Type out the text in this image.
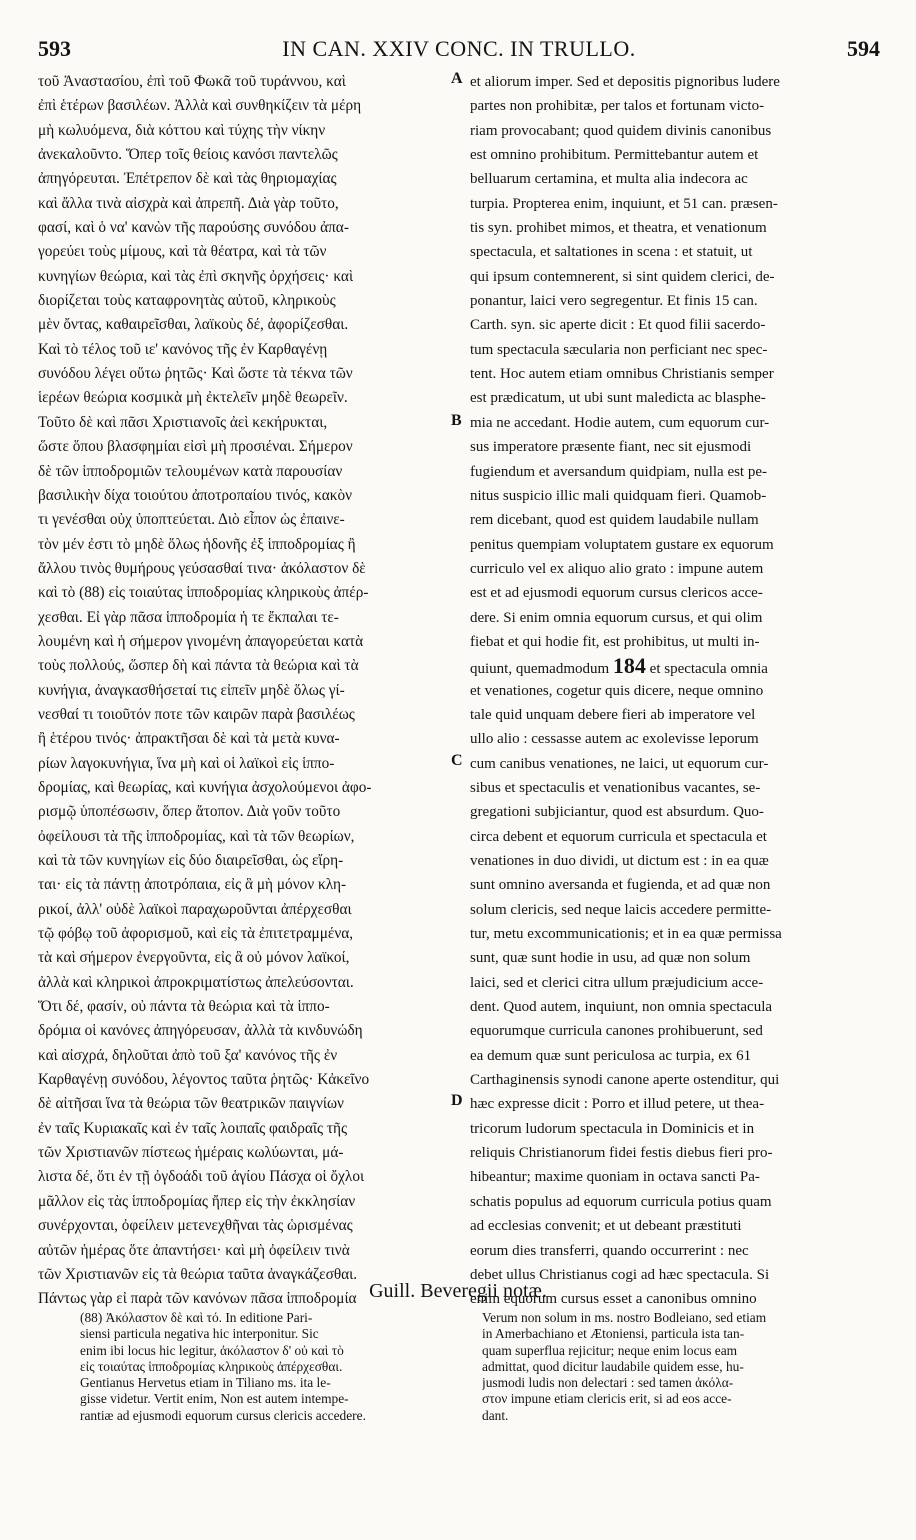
593	IN CAN. XXIV CONC. IN TRULLO.	594
τοῦ Ἀναστασίου, ἐπὶ τοῦ Φωκᾶ τοῦ τυράννου, καὶ
ἐπὶ ἑτέρων βασιλέων. Ἀλλὰ καὶ συνθηκίζειν τὰ μέρη
μὴ κωλυόμενα, διὰ κόττου καὶ τύχης τὴν νίκην
ἀνεκαλοῦντο. Ὅπερ τοῖς θείοις κανόσι παντελῶς
ἀπηγόρευται. Ἐπέτρεπον δὲ καὶ τὰς θηριομαχίας
καὶ ἄλλα τινὰ αἰσχρὰ καὶ ἀπρεπῆ. Διὰ γὰρ τοῦτο,
φασί, καὶ ὁ να' κανὼν τῆς παρούσης συνόδου ἀπα-
γορεύει τοὺς μίμους, καὶ τὰ θέατρα, καὶ τὰ τῶν
κυνηγίων θεώρια, καὶ τὰς ἐπὶ σκηνῆς ὀρχήσεις· καὶ
διορίζεται τοὺς καταφρονητὰς αὐτοῦ, κληρικοὺς
μὲν ὄντας, καθαιρεῖσθαι, λαϊκοὺς δέ, ἀφορίζεσθαι.
Καὶ τὸ τέλος τοῦ ιε' κανόνος τῆς ἐν Καρθαγένῃ
συνόδου λέγει οὕτω ῥητῶς· Καὶ ὥστε τὰ τέκνα τῶν
ἱερέων θεώρια κοσμικὰ μὴ ἐκτελεῖν μηδὲ θεωρεῖν.
Τοῦτο δὲ καὶ πᾶσι Χριστιανοῖς ἀεὶ κεκήρυκται,
ὥστε ὅπου βλασφημίαι εἰσὶ μὴ προσιέναι. Σήμερον
δὲ τῶν ἱπποδρομιῶν τελουμένων κατὰ παρουσίαν
βασιλικὴν δίχα τοιούτου ἀποτροπαίου τινός, κακὸν
τι γενέσθαι οὐχ ὑποπτεύεται. Διὸ εἶπον ὡς ἐπαινε-
τὸν μέν ἐστι τὸ μηδὲ ὅλως ἡδονῆς ἐξ ἱπποδρομίας ἢ
ἄλλου τινὸς θυμήρους γεύσασθαί τινα· ἀκόλαστον δὲ
καὶ τὸ (88) εἰς τοιαύτας ἱπποδρομίας κληρικοὺς ἀπέρ-
χεσθαι. Εἰ γὰρ πᾶσα ἱπποδρομία ἡ τε ἔκπαλαι τε-
λουμένη καὶ ἡ σήμερον γινομένη ἀπαγορεύεται κατὰ
τοὺς πολλούς, ὥσπερ δὴ καὶ πάντα τὰ θεώρια καὶ τὰ
κυνήγια, ἀναγκασθήσεταί τις εἰπεῖν μηδὲ ὅλως γί-
νεσθαί τι τοιοῦτόν ποτε τῶν καιρῶν παρὰ βασιλέως
ἢ ἑτέρου τινός· ἀπρακτῆσαι δὲ καὶ τὰ μετὰ κυνα-
ρίων λαγοκυνήγια, ἵνα μὴ καὶ οἱ λαϊκοὶ εἰς ἱππο-
δρομίας, καὶ θεωρίας, καὶ κυνήγια ἀσχολούμενοι ἀφο-
ρισμῷ ὑποπέσωσιν, ὅπερ ἄτοπον. Διὰ γοῦν τοῦτο
ὀφείλουσι τὰ τῆς ἱπποδρομίας, καὶ τὰ τῶν θεωρίων,
καὶ τὰ τῶν κυνηγίων εἰς δύο διαιρεῖσθαι, ὡς εἴρη-
ται· εἰς τὰ πάντῃ ἀποτρόπαια, εἰς ἃ μὴ μόνον κλη-
ρικοί, ἀλλ' οὐδὲ λαϊκοὶ παραχωροῦνται ἀπέρχεσθαι
τῷ φόβῳ τοῦ ἀφορισμοῦ, καὶ εἰς τὰ ἐπιτετραμμένα,
τὰ καὶ σήμερον ἐνεργοῦντα, εἰς ἃ οὐ μόνον λαϊκοί,
ἀλλὰ καὶ κληρικοὶ ἀπροκριματίστως ἀπελεύσονται.
Ὅτι δέ, φασίν, οὐ πάντα τὰ θεώρια καὶ τὰ ἱππο-
δρόμια οἱ κανόνες ἀπηγόρευσαν, ἀλλὰ τὰ κινδυνώδη
καὶ αἰσχρά, δηλοῦται ἀπὸ τοῦ ξα' κανόνος τῆς ἐν
Καρθαγένῃ συνόδου, λέγοντος ταῦτα ῥητῶς· Κἀκεῖνο
δὲ αἰτῆσαι ἵνα τὰ θεώρια τῶν θεατρικῶν παιγνίων
ἐν ταῖς Κυριακαῖς καὶ ἐν ταῖς λοιπαῖς φαιδραῖς τῆς
τῶν Χριστιανῶν πίστεως ἡμέραις κωλύωνται, μά-
λιστα δέ, ὅτι ἐν τῇ ὀγδοάδι τοῦ ἁγίου Πάσχα οἱ ὄχλοι
μᾶλλον εἰς τὰς ἱπποδρομίας ἤπερ εἰς τὴν ἐκκλησίαν
συνέρχονται, ὀφείλειν μετενεχθῆναι τὰς ὡρισμένας
αὐτῶν ἡμέρας ὅτε ἀπαντήσει· καὶ μὴ ὀφείλειν τινὰ
τῶν Χριστιανῶν εἰς τὰ θεώρια ταῦτα ἀναγκάζεσθαι.
Πάντως γὰρ εἰ παρὰ τῶν κανόνων πᾶσα ἱπποδρομία
et aliorum imper. Sed et depositis pignoribus ludere
partes non prohibitæ, per talos et fortunam victo-
riam provocabant; quod quidem divinis canonibus
est omnino prohibitum. Permittebantur autem et
belluarum certamina, et multa alia indecora ac
turpia. Propterea enim, inquiunt, et 51 can. præsen-
tis syn. prohibet mimos, et theatra, et venationum
spectacula, et saltationes in scena : et statuit, ut
qui ipsum contemnerent, si sint quidem clerici, de-
ponantur, laici vero segregentur. Et finis 15 can.
Carth. syn. sic aperte dicit : Et quod filii sacerdo-
tum spectacula sæcularia non perficiant nec spec-
tent. Hoc autem etiam omnibus Christianis semper
est prædicatum, ut ubi sunt maledicta ac blasphe-
mia ne accedant. Hodie autem, cum equorum cur-
sus imperatore præsente fiant, nec sit ejusmodi
fugiendum et aversandum quidpiam, nulla est pe-
nitus suspicio illic mali quidquam fieri. Quamob-
rem dicebant, quod est quidem laudabile nullam
penitus quempiam voluptatem gustare ex equorum
curriculo vel ex aliquo alio grato : impune autem
est et ad ejusmodi equorum cursus clericos acce-
dere. Si enim omnia equorum cursus, et qui olim
fiebat et qui hodie fit, est prohibitus, ut multi in-
quiunt, quemadmodum 184 et spectacula omnia
et venationes, cogetur quis dicere, neque omnino
tale quid unquam debere fieri ab imperatore vel
ullo alio : cessasse autem ac exolevisse leporum
cum canibus venationes, ne laici, ut equorum cur-
sibus et spectaculis et venationibus vacantes, se-
gregationi subjiciantur, quod est absurdum. Quo-
circa debent et equorum curricula et spectacula et
venationes in duo dividi, ut dictum est : in ea quæ
sunt omnino aversanda et fugienda, et ad quæ non
solum clericis, sed neque laicis accedere permitte-
tur, metu excommunicationis; et in ea quæ permissa
sunt, quæ sunt hodie in usu, ad quæ non solum
laici, sed et clerici citra ullum præjudicium acce-
dent. Quod autem, inquiunt, non omnia spectacula
equorumque curricula canones prohibuerunt, sed
ea demum quæ sunt periculosa ac turpia, ex 61
Carthaginensis synodi canone aperte ostenditur, qui
hæc expresse dicit : Porro et illud petere, ut thea-
tricorum ludorum spectacula in Dominicis et in
reliquis Christianorum fidei festis diebus fieri pro-
hibeantur; maxime quoniam in octava sancti Pa-
schatis populus ad equorum curricula potius quam
ad ecclesias convenit; et ut debeant præstituti
eorum dies transferri, quando occurrerint : nec
debet ullus Christianus cogi ad hæc spectacula. Si
enim equorum cursus esset a canonibus omnino
A
B
C
D
Guill. Beveregii notæ.
(88) Ἀκόλαστον δὲ καὶ τό. In editione Pari-
siensi particula negativa hic interponitur. Sic
enim ibi locus hic legitur, ἀκόλαστον δ' οὐ καὶ τὸ
εἰς τοιαύτας ἱπποδρομίας κληρικοὺς ἀπέρχεσθαι.
Gentianus Hervetus etiam in Tiliano ms. ita le-
gisse videtur. Vertit enim, Non est autem intempe-
rantiæ ad ejusmodi equorum cursus clericis accedere.
Verum non solum in ms. nostro Bodleiano, sed etiam
in Amerbachiano et Ætoniensi, particula ista tan-
quam superflua rejicitur; neque enim locus eam
admittat, quod dicitur laudabile quidem esse, hu-
jusmodi ludis non delectari : sed tamen ἀκόλα-
στον impune etiam clericis erit, si ad eos acce-
dant.
